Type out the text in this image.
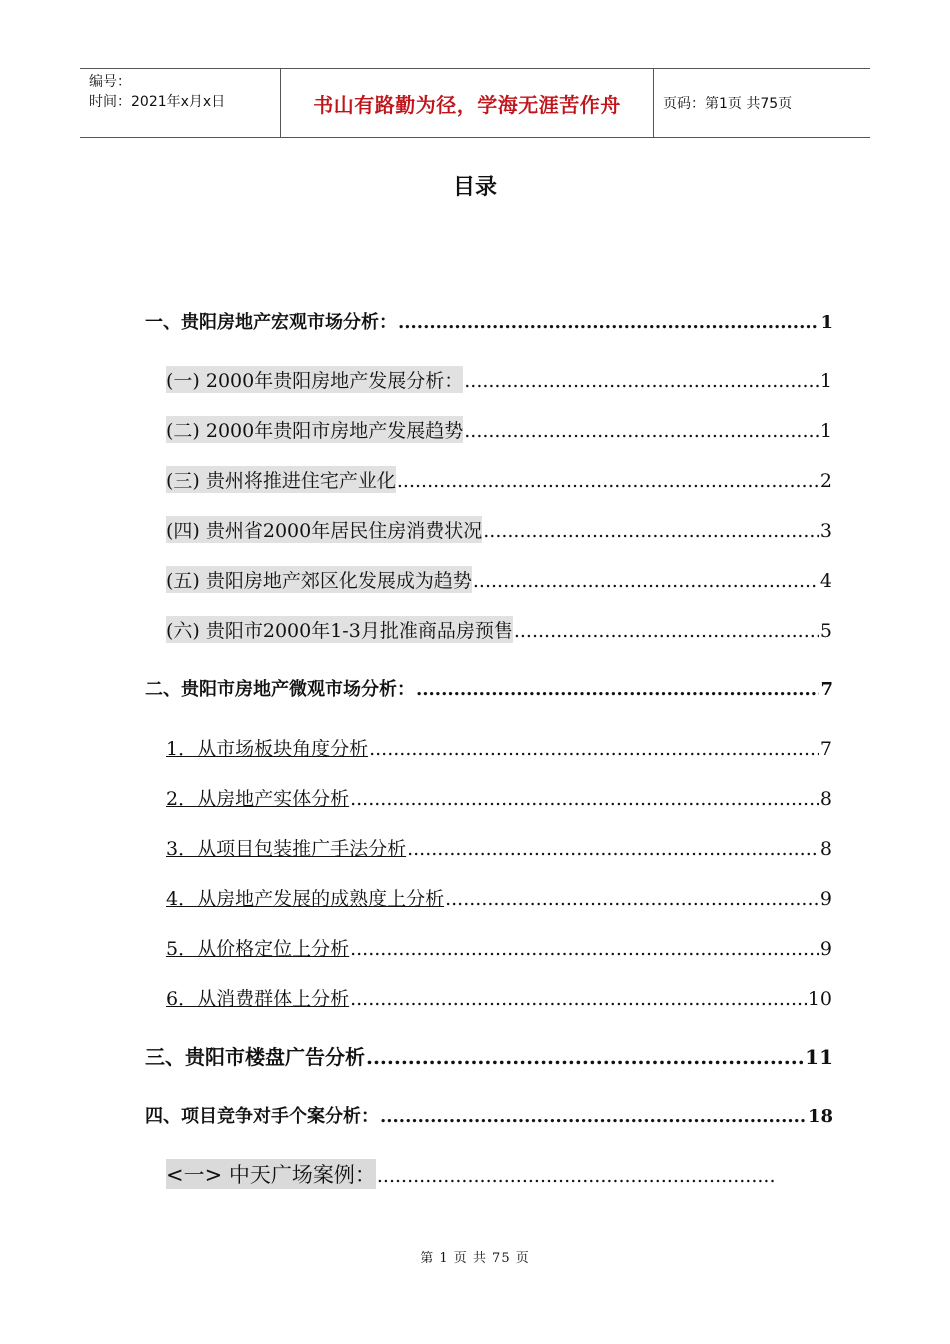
编号：
时间：2021年x月x日	书山有路勤为径，学海无涯苦作舟	页码：第1页 共75页
目录
一、贵阳房地产宏观市场分析： .....	1
(一) 2000年贵阳房地产发展分析： .....	1
(二) 2000年贵阳市房地产发展趋势 .....	1
(三) 贵州将推进住宅产业化 .....	2
(四) 贵州省2000年居民住房消费状况 .....	3
(五) 贵阳房地产郊区化发展成为趋势 .....	4
(六) 贵阳市2000年1-3月批准商品房预售 .....	5
二、贵阳市房地产微观市场分析： .....	7
1．从市场板块角度分析 .....	7
2．从房地产实体分析 .....	8
3．从项目包装推广手法分析 .....	8
4．从房地产发展的成熟度上分析 .....	9
5．从价格定位上分析 .....	9
6．从消费群体上分析 .....	10
三、贵阳市楼盘广告分析 .....	11
四、项目竞争对手个案分析： .....	18
<一> 中天广场案例：
.....
第 1 页 共 75 页
